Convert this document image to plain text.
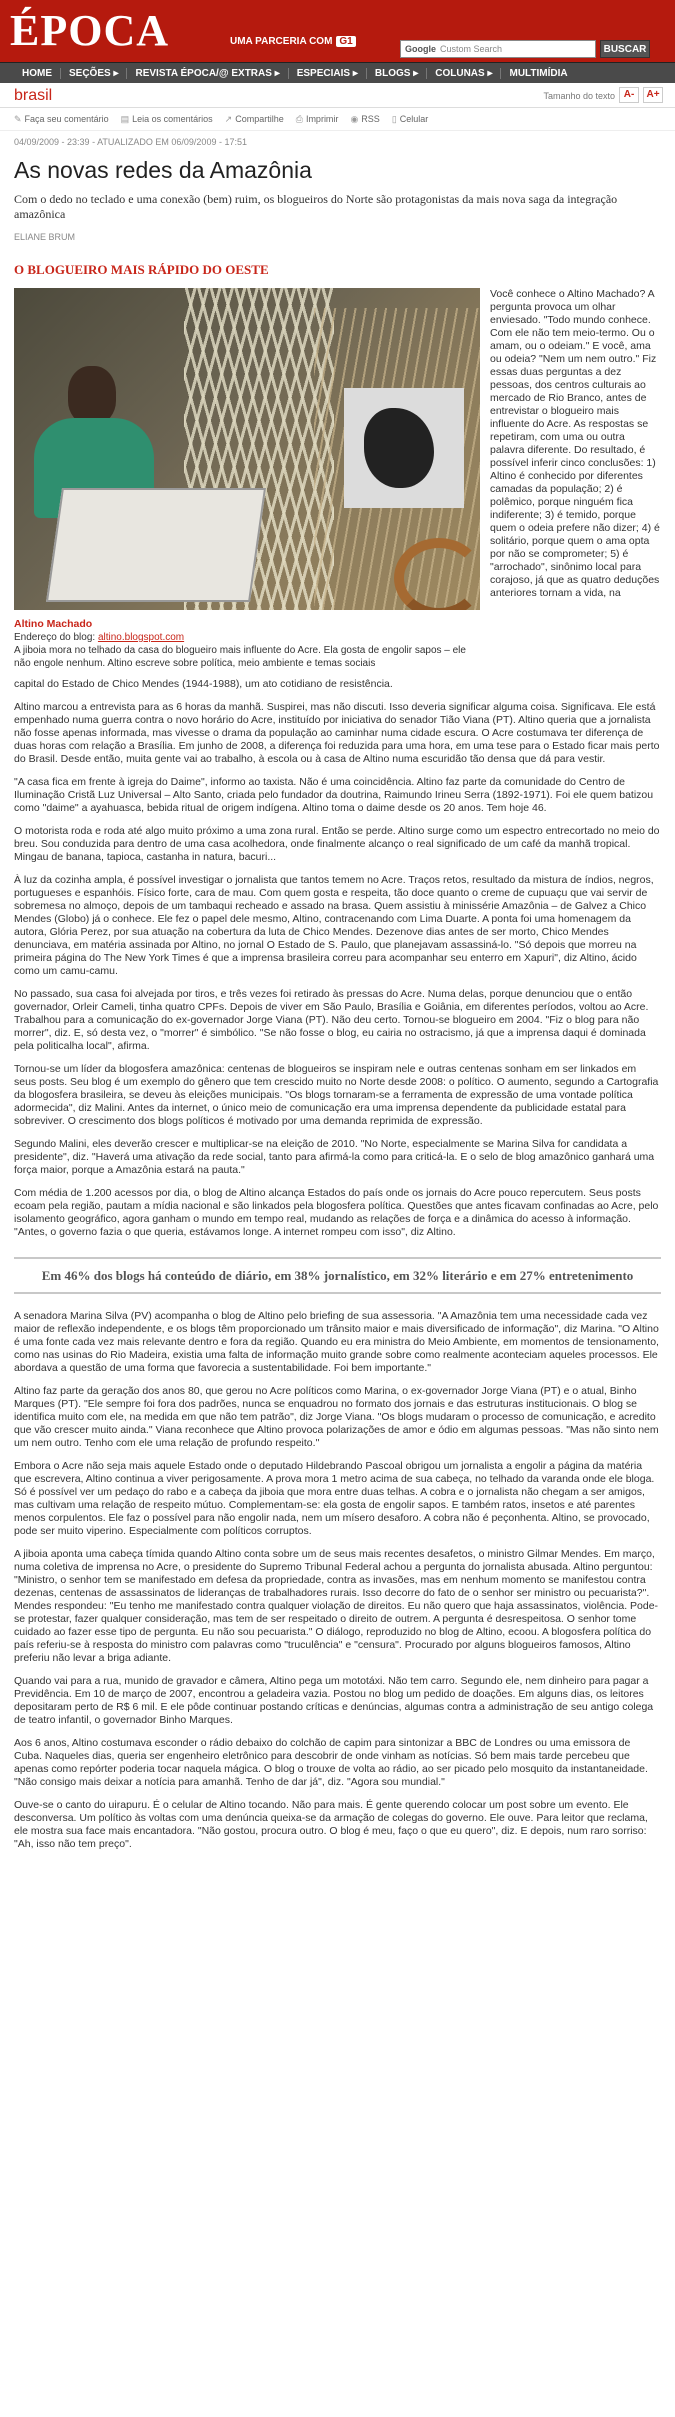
ÉPOCA	UMA PARCERIA COM G1
Google Custom Search	BUSCAR
HOME	SEÇÕES ▸	REVISTA ÉPOCA/@ EXTRAS ▸	ESPECIAIS ▸	BLOGS ▸	COLUNAS ▸	MULTIMÍDIA
brasil	Tamanho do texto A-	A+
✎ Faça seu comentário ▤ Leia os comentários ↗ Compartilhe ⎙ Imprimir ◉ RSS ▯ Celular
04/09/2009 - 23:39 - ATUALIZADO EM 06/09/2009 - 17:51
As novas redes da Amazônia
Com o dedo no teclado e uma conexão (bem) ruim, os blogueiros do Norte são protagonistas da mais nova saga da integração amazônica
ELIANE BRUM
O BLOGUEIRO MAIS RÁPIDO DO OESTE
Altino Machado
Endereço do blog: altino.blogspot.com
A jiboia mora no telhado da casa do blogueiro mais influente do Acre. Ela gosta de engolir sapos – ele não engole nenhum. Altino escreve sobre política, meio ambiente e temas sociais
Você conhece o Altino Machado? A pergunta provoca um olhar enviesado. "Todo mundo conhece. Com ele não tem meio-termo. Ou o amam, ou o odeiam." E você, ama ou odeia? "Nem um nem outro." Fiz essas duas perguntas a dez pessoas, dos centros culturais ao mercado de Rio Branco, antes de entrevistar o blogueiro mais influente do Acre. As respostas se repetiram, com uma ou outra palavra diferente. Do resultado, é possível inferir cinco conclusões: 1) Altino é conhecido por diferentes camadas da população; 2) é polêmico, porque ninguém fica indiferente; 3) é temido, porque quem o odeia prefere não dizer; 4) é solitário, porque quem o ama opta por não se comprometer; 5) é "arrochado", sinônimo local para corajoso, já que as quatro deduções anteriores tornam a vida, na

capital do Estado de Chico Mendes (1944-1988), um ato cotidiano de resistência.

Altino marcou a entrevista para as 6 horas da manhã. Suspirei, mas não discuti. Isso deveria significar alguma coisa. Significava. Ele está empenhado numa guerra contra o novo horário do Acre, instituído por iniciativa do senador Tião Viana (PT). Altino queria que a jornalista não fosse apenas informada, mas vivesse o drama da população ao caminhar numa cidade escura. O Acre costumava ter diferença de duas horas com relação a Brasília. Em junho de 2008, a diferença foi reduzida para uma hora, em uma tese para o Estado ficar mais perto do Brasil. Desde então, muita gente vai ao trabalho, à escola ou à casa de Altino numa escuridão tão densa que dá para vestir.

"A casa fica em frente à igreja do Daime", informo ao taxista. Não é uma coincidência. Altino faz parte da comunidade do Centro de Iluminação Cristã Luz Universal – Alto Santo, criada pelo fundador da doutrina, Raimundo Irineu Serra (1892-1971). Foi ele quem batizou como "daime" a ayahuasca, bebida ritual de origem indígena. Altino toma o daime desde os 20 anos. Tem hoje 46.

O motorista roda e roda até algo muito próximo a uma zona rural. Então se perde. Altino surge como um espectro entrecortado no meio do breu. Sou conduzida para dentro de uma casa acolhedora, onde finalmente alcanço o real significado de um café da manhã tropical. Mingau de banana, tapioca, castanha in natura, bacuri...

À luz da cozinha ampla, é possível investigar o jornalista que tantos temem no Acre. Traços retos, resultado da mistura de índios, negros, portugueses e espanhóis. Físico forte, cara de mau. Com quem gosta e respeita, tão doce quanto o creme de cupuaçu que vai servir de sobremesa no almoço, depois de um tambaqui recheado e assado na brasa. Quem assistiu à minissérie Amazônia – de Galvez a Chico Mendes (Globo) já o conhece. Ele fez o papel dele mesmo, Altino, contracenando com Lima Duarte. A ponta foi uma homenagem da autora, Glória Perez, por sua atuação na cobertura da luta de Chico Mendes. Dezenove dias antes de ser morto, Chico Mendes denunciava, em matéria assinada por Altino, no jornal O Estado de S. Paulo, que planejavam assassiná-lo. "Só depois que morreu na primeira página do The New York Times é que a imprensa brasileira correu para acompanhar seu enterro em Xapuri", diz Altino, ácido como um camu-camu.

No passado, sua casa foi alvejada por tiros, e três vezes foi retirado às pressas do Acre. Numa delas, porque denunciou que o então governador, Orleir Cameli, tinha quatro CPFs. Depois de viver em São Paulo, Brasília e Goiânia, em diferentes períodos, voltou ao Acre. Trabalhou para a comunicação do ex-governador Jorge Viana (PT). Não deu certo. Tornou-se blogueiro em 2004. "Fiz o blog para não morrer", diz. E, só desta vez, o "morrer" é simbólico. "Se não fosse o blog, eu cairia no ostracismo, já que a imprensa daqui é dominada pela politicalha local", afirma.

Tornou-se um líder da blogosfera amazônica: centenas de blogueiros se inspiram nele e outras centenas sonham em ser linkados em seus posts. Seu blog é um exemplo do gênero que tem crescido muito no Norte desde 2008: o político. O aumento, segundo a Cartografia da blogosfera brasileira, se deveu às eleições municipais. "Os blogs tornaram-se a ferramenta de expressão de uma vontade política adormecida", diz Malini. Antes da internet, o único meio de comunicação era uma imprensa dependente da publicidade estatal para sobreviver. O crescimento dos blogs políticos é motivado por uma demanda reprimida de expressão.

Segundo Malini, eles deverão crescer e multiplicar-se na eleição de 2010. "No Norte, especialmente se Marina Silva for candidata a presidente", diz. "Haverá uma ativação da rede social, tanto para afirmá-la como para criticá-la. E o selo de blog amazônico ganhará uma força maior, porque a Amazônia estará na pauta."

Com média de 1.200 acessos por dia, o blog de Altino alcança Estados do país onde os jornais do Acre pouco repercutem. Seus posts ecoam pela região, pautam a mídia nacional e são linkados pela blogosfera política. Questões que antes ficavam confinadas ao Acre, pelo isolamento geográfico, agora ganham o mundo em tempo real, mudando as relações de força e a dinâmica do acesso à informação. "Antes, o governo fazia o que queria, estávamos longe. A internet rompeu com isso", diz Altino.

Em 46% dos blogs há conteúdo de diário, em 38% jornalístico, em 32% literário e em 27% entretenimento

A senadora Marina Silva (PV) acompanha o blog de Altino pelo briefing de sua assessoria. "A Amazônia tem uma necessidade cada vez maior de reflexão independente, e os blogs têm proporcionado um trânsito maior e mais diversificado de informação", diz Marina. "O Altino é uma fonte cada vez mais relevante dentro e fora da região. Quando eu era ministra do Meio Ambiente, em momentos de tensionamento, como nas usinas do Rio Madeira, existia uma falta de informação muito grande sobre como realmente aconteciam aqueles processos. Ele abordava a questão de uma forma que favorecia a sustentabilidade. Foi bem importante."

Altino faz parte da geração dos anos 80, que gerou no Acre políticos como Marina, o ex-governador Jorge Viana (PT) e o atual, Binho Marques (PT). "Ele sempre foi fora dos padrões, nunca se enquadrou no formato dos jornais e das estruturas institucionais. O blog se identifica muito com ele, na medida em que não tem patrão", diz Jorge Viana. "Os blogs mudaram o processo de comunicação, e acredito que vão crescer muito ainda." Viana reconhece que Altino provoca polarizações de amor e ódio em algumas pessoas. "Mas não sinto nem um nem outro. Tenho com ele uma relação de profundo respeito."

Embora o Acre não seja mais aquele Estado onde o deputado Hildebrando Pascoal obrigou um jornalista a engolir a página da matéria que escrevera, Altino continua a viver perigosamente. A prova mora 1 metro acima de sua cabeça, no telhado da varanda onde ele bloga. Só é possível ver um pedaço do rabo e a cabeça da jiboia que mora entre duas telhas. A cobra e o jornalista não chegam a ser amigos, mas cultivam uma relação de respeito mútuo. Complementam-se: ela gosta de engolir sapos. E também ratos, insetos e até parentes menos corpulentos. Ele faz o possível para não engolir nada, nem um mísero desaforo. A cobra não é peçonhenta. Altino, se provocado, pode ser muito viperino. Especialmente com políticos corruptos.

A jiboia aponta uma cabeça tímida quando Altino conta sobre um de seus mais recentes desafetos, o ministro Gilmar Mendes. Em março, numa coletiva de imprensa no Acre, o presidente do Supremo Tribunal Federal achou a pergunta do jornalista abusada. Altino perguntou: "Ministro, o senhor tem se manifestado em defesa da propriedade, contra as invasões, mas em nenhum momento se manifestou contra dezenas, centenas de assassinatos de lideranças de trabalhadores rurais. Isso decorre do fato de o senhor ser ministro ou pecuarista?". Mendes respondeu: "Eu tenho me manifestado contra qualquer violação de direitos. Eu não quero que haja assassinatos, violência. Pode-se protestar, fazer qualquer consideração, mas tem de ser respeitado o direito de outrem. A pergunta é desrespeitosa. O senhor tome cuidado ao fazer esse tipo de pergunta. Eu não sou pecuarista." O diálogo, reproduzido no blog de Altino, ecoou. A blogosfera política do país referiu-se à resposta do ministro com palavras como "truculência" e "censura". Procurado por alguns blogueiros famosos, Altino preferiu não levar a briga adiante.

Quando vai para a rua, munido de gravador e câmera, Altino pega um mototáxi. Não tem carro. Segundo ele, nem dinheiro para pagar a Previdência. Em 10 de março de 2007, encontrou a geladeira vazia. Postou no blog um pedido de doações. Em alguns dias, os leitores depositaram perto de R$ 6 mil. E ele pôde continuar postando críticas e denúncias, algumas contra a administração de seu antigo colega de teatro infantil, o governador Binho Marques.

Aos 6 anos, Altino costumava esconder o rádio debaixo do colchão de capim para sintonizar a BBC de Londres ou uma emissora de Cuba. Naqueles dias, queria ser engenheiro eletrônico para descobrir de onde vinham as notícias. Só bem mais tarde percebeu que apenas como repórter poderia tocar naquela mágica. O blog o trouxe de volta ao rádio, ao ser picado pelo mosquito da instantaneidade. "Não consigo mais deixar a notícia para amanhã. Tenho de dar já", diz. "Agora sou mundial."

Ouve-se o canto do uirapuru. É o celular de Altino tocando. Não para mais. É gente querendo colocar um post sobre um evento. Ele desconversa. Um político às voltas com uma denúncia queixa-se da armação de colegas do governo. Ele ouve. Para leitor que reclama, ele mostra sua face mais encantadora. "Não gostou, procura outro. O blog é meu, faço o que eu quero", diz. E depois, num raro sorriso: "Ah, isso não tem preço".
